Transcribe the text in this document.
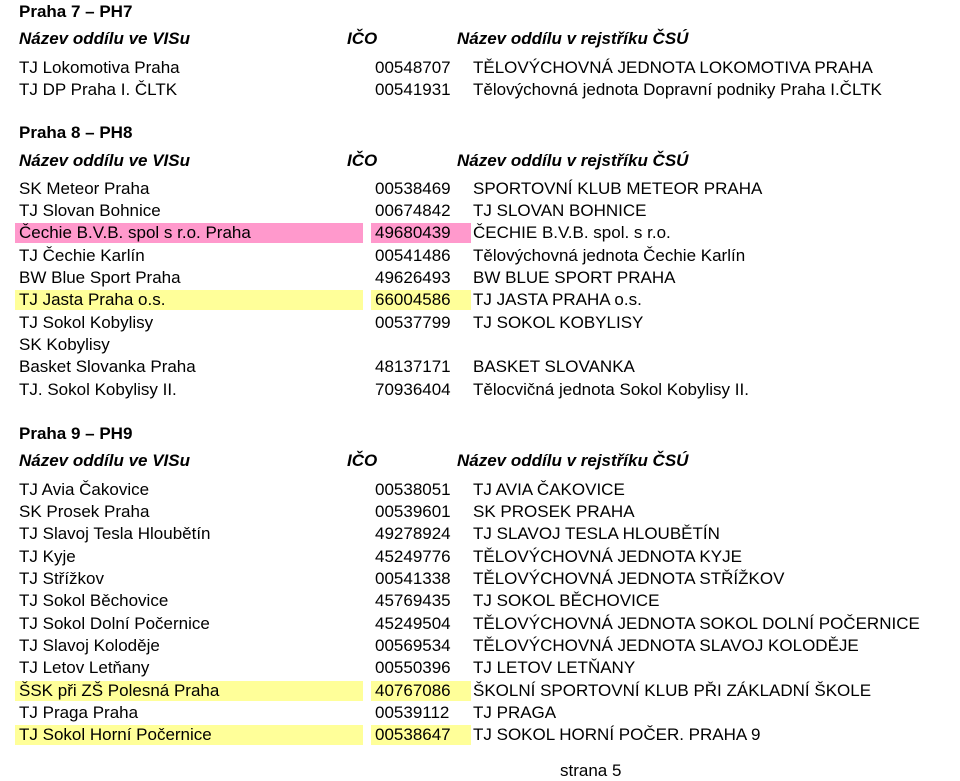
Praha 7 – PH7
Název oddílu ve VISu	IČO	Název oddílu v rejstříku ČSÚ
TJ Lokomotiva Praha	00548707 TĚLOVÝCHOVNÁ JEDNOTA LOKOMOTIVA PRAHA
TJ DP Praha I. ČLTK	00541931 Tělovýchovná jednota Dopravní podniky Praha I.ČLTK
Praha 8 – PH8
Název oddílu ve VISu	IČO	Název oddílu v rejstříku ČSÚ
SK Meteor Praha	00538469 SPORTOVNÍ KLUB METEOR PRAHA
TJ Slovan Bohnice	00674842 TJ SLOVAN BOHNICE
Čechie B.V.B. spol s r.o. Praha	49680439	ČECHIE B.V.B. spol. s r.o.
TJ Čechie Karlín	00541486 Tělovýchovná jednota Čechie Karlín
BW Blue Sport Praha	49626493 BW BLUE SPORT PRAHA
TJ Jasta Praha o.s.	66004586	TJ JASTA PRAHA o.s.
TJ Sokol Kobylisy	00537799 TJ SOKOL KOBYLISY
SK Kobylisy
Basket Slovanka Praha	48137171 BASKET SLOVANKA
TJ. Sokol Kobylisy II.	70936404 Tělocvičná jednota Sokol Kobylisy II.
Praha 9 – PH9
Název oddílu ve VISu	IČO	Název oddílu v rejstříku ČSÚ
TJ Avia Čakovice	00538051 TJ AVIA ČAKOVICE
SK Prosek Praha	00539601 SK PROSEK PRAHA
TJ Slavoj Tesla Hloubětín	49278924 TJ SLAVOJ TESLA HLOUBĚTÍN
TJ Kyje	45249776 TĚLOVÝCHOVNÁ JEDNOTA KYJE
TJ Střížkov	00541338 TĚLOVÝCHOVNÁ JEDNOTA STŘÍŽKOV
TJ Sokol Běchovice	45769435 TJ SOKOL BĚCHOVICE
TJ Sokol Dolní Počernice	45249504 TĚLOVÝCHOVNÁ JEDNOTA SOKOL DOLNÍ POČERNICE
TJ Slavoj Koloděje	00569534 TĚLOVÝCHOVNÁ JEDNOTA SLAVOJ KOLODĚJE
TJ Letov Letňany	00550396 TJ LETOV LETŇANY
ŠSK při ZŠ Polesná Praha	40767086	ŠKOLNÍ SPORTOVNÍ KLUB PŘI ZÁKLADNÍ ŠKOLE
TJ Praga Praha	00539112 TJ PRAGA
TJ Sokol Horní Počernice	00538647	TJ SOKOL HORNÍ POČER. PRAHA 9
strana 5
